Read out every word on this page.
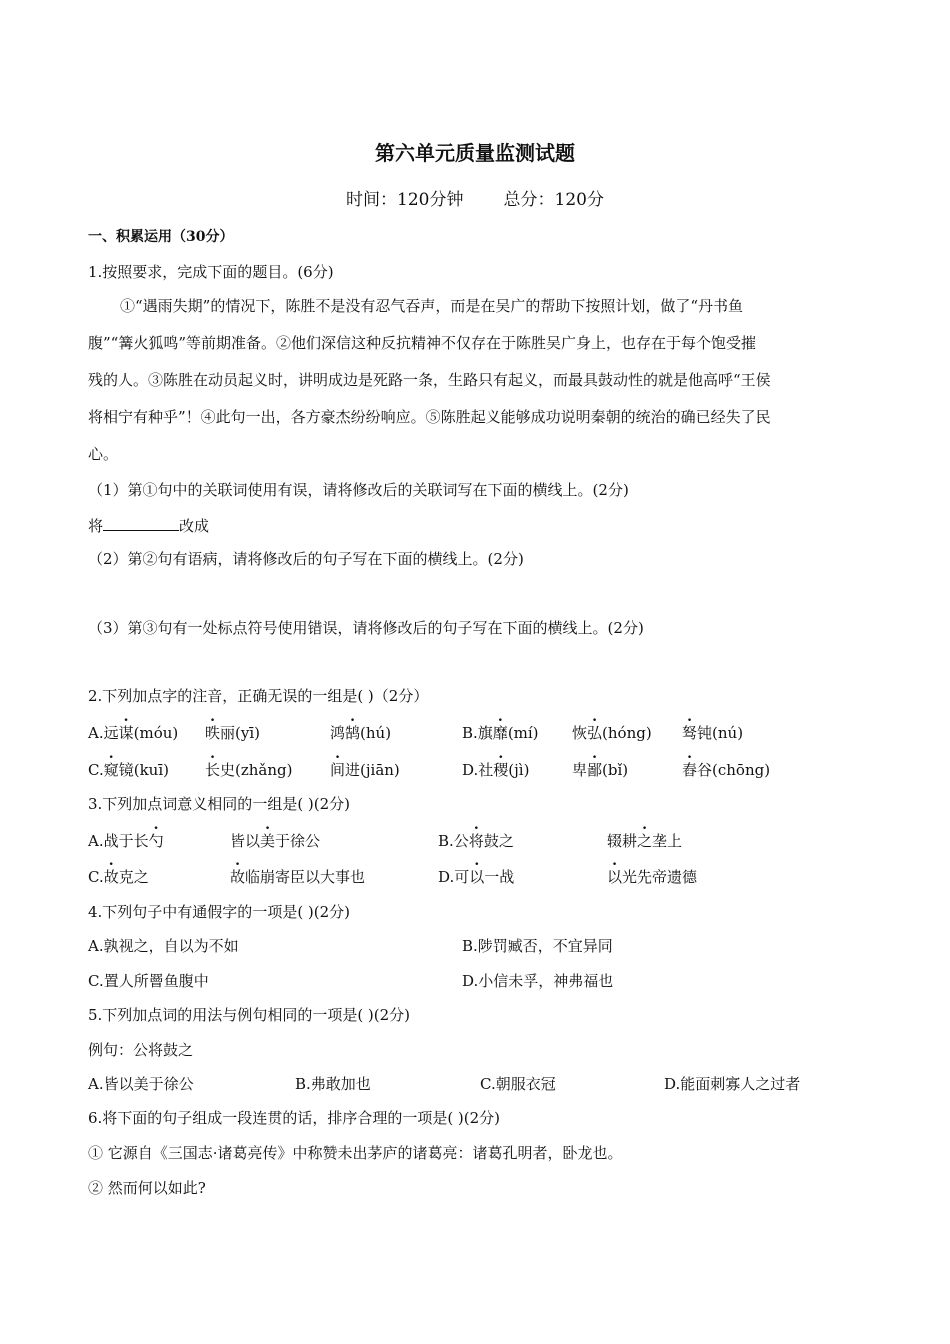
第六单元质量监测试题
时间：120分钟 总分：120分
一、积累运用（30分）
1.按照要求，完成下面的题目。(6分)
①“遇雨失期”的情况下，陈胜不是没有忍气吞声，而是在吴广的帮助下按照计划，做了“丹书鱼
腹”“篝火狐鸣”等前期准备。②他们深信这种反抗精神不仅存在于陈胜吴广身上，也存在于每个饱受摧
残的人。③陈胜在动员起义时，讲明成边是死路一条，生路只有起义，而最具鼓动性的就是他高呼“王侯
将相宁有种乎”！④此句一出，各方豪杰纷纷响应。⑤陈胜起义能够成功说明秦朝的统治的确已经失了民
心。
（1）第①句中的关联词使用有误，请将修改后的关联词写在下面的横线上。(2分)
将	改成
（2）第②句有语病，请将修改后的句子写在下面的横线上。(2分)
（3）第③句有一处标点符号使用错误，请将修改后的句子写在下面的横线上。(2分)
2.下列加点字的注音，正确无误的一组是( )（2分）
A.远谋(móu) 昳丽(yī)	鸿鹄(hú)	B.旗靡(mí) 恢弘(hóng) 驽钝(nú)
C.窥镜(kuī) 长史(zhǎng)	间进(jiān)	D.社稷(jì)	卑鄙(bǐ)	舂谷(chōng)
3.下列加点词意义相同的一组是( )(2分)
A.战于长勺	皆以美于徐公	B.公将鼓之	辍耕之垄上
C.故克之	故临崩寄臣以大事也	D.可以一战	以光先帝遗德
4.下列句子中有通假字的一项是( )(2分)
A.孰视之，自以为不如	B.陟罚臧否，不宜异同
C.置人所罾鱼腹中	D.小信未孚，神弗福也
5.下列加点词的用法与例句相同的一项是( )(2分)
例句：公将鼓之
A.皆以美于徐公	B.弗敢加也	C.朝服衣冠	D.能面刺寡人之过者
6.将下面的句子组成一段连贯的话，排序合理的一项是( )(2分)
① 它源自《三国志·诸葛亮传》中称赞未出茅庐的诸葛亮：诸葛孔明者，卧龙也。
② 然而何以如此?
